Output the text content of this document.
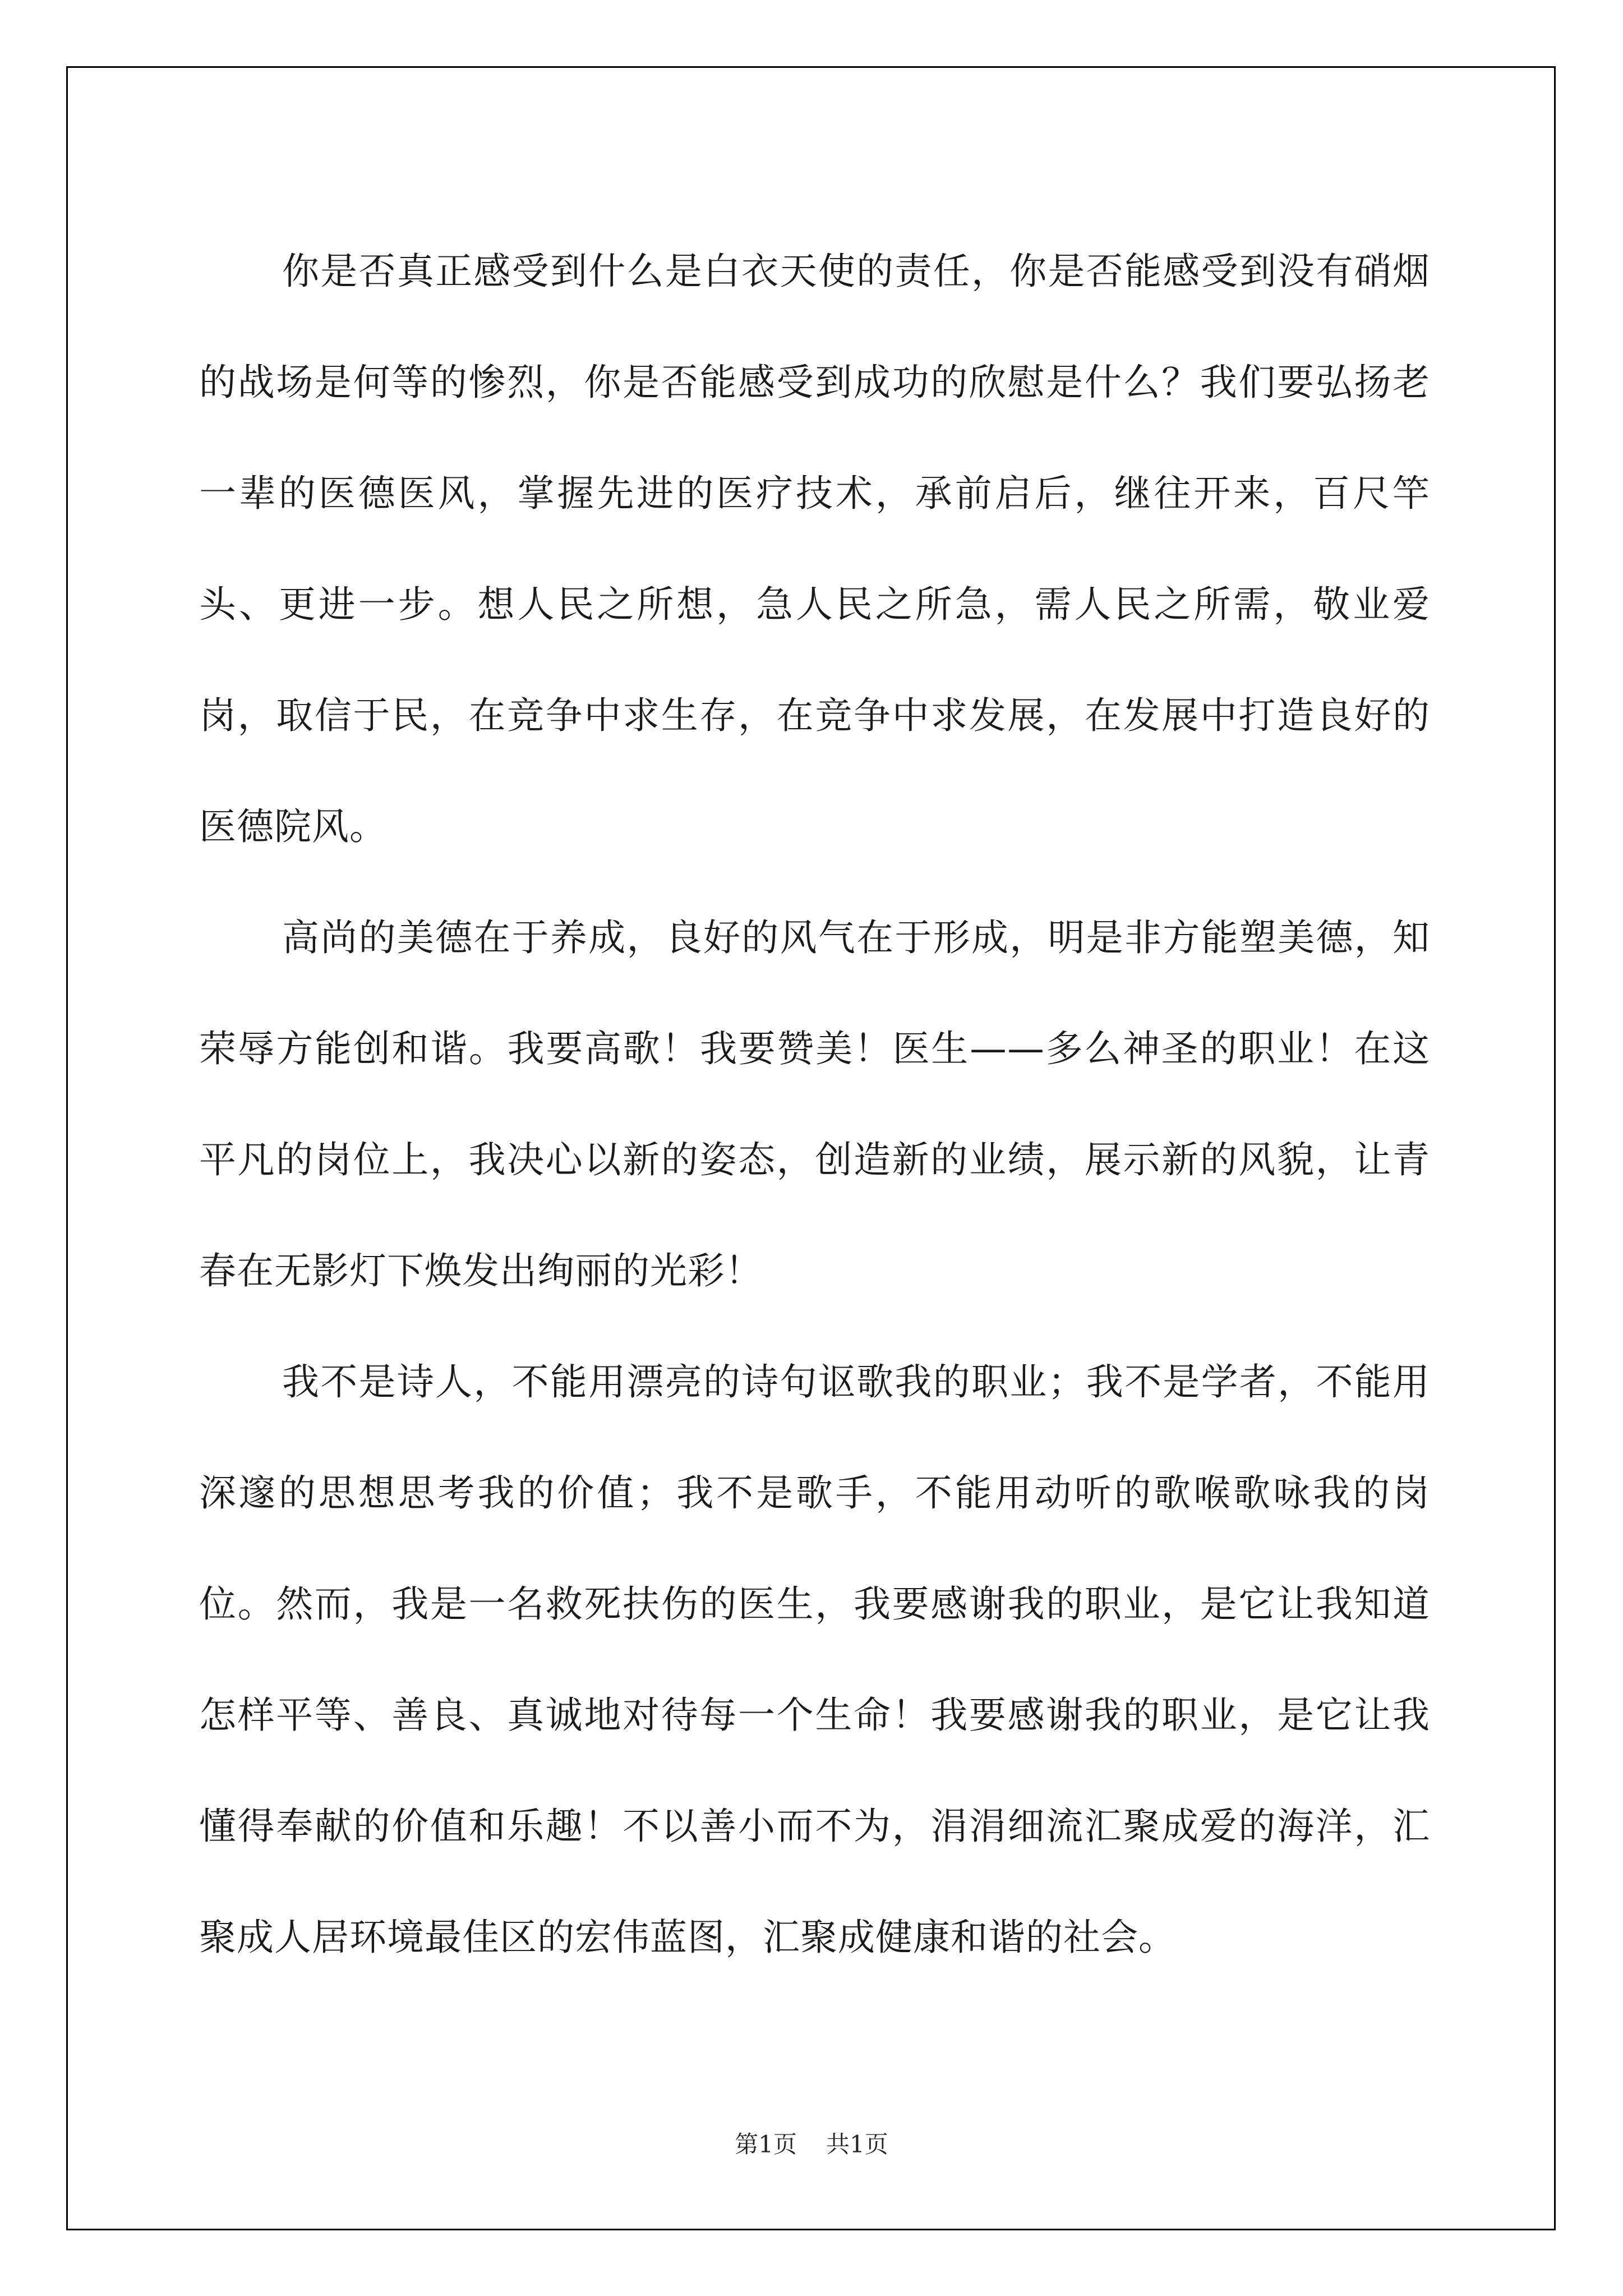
你是否真正感受到什么是白衣天使的责任，你是否能感受到没有硝烟的战场是何等的惨烈，你是否能感受到成功的欣慰是什么？我们要弘扬老一辈的医德医风，掌握先进的医疗技术，承前启后，继往开来，百尺竿头、更进一步。想人民之所想，急人民之所急，需人民之所需，敬业爱岗，取信于民，在竞争中求生存，在竞争中求发展，在发展中打造良好的医德院风。

高尚的美德在于养成，良好的风气在于形成，明是非方能塑美德，知荣辱方能创和谐。我要高歌！我要赞美！医生——多么神圣的职业！在这平凡的岗位上，我决心以新的姿态，创造新的业绩，展示新的风貌，让青春在无影灯下焕发出绚丽的光彩！

我不是诗人，不能用漂亮的诗句讴歌我的职业；我不是学者，不能用深邃的思想思考我的价值；我不是歌手，不能用动听的歌喉歌咏我的岗位。然而，我是一名救死扶伤的医生，我要感谢我的职业，是它让我知道怎样平等、善良、真诚地对待每一个生命！我要感谢我的职业，是它让我懂得奉献的价值和乐趣！不以善小而不为，涓涓细流汇聚成爱的海洋，汇聚成人居环境最佳区的宏伟蓝图，汇聚成健康和谐的社会。

第1页 共1页
